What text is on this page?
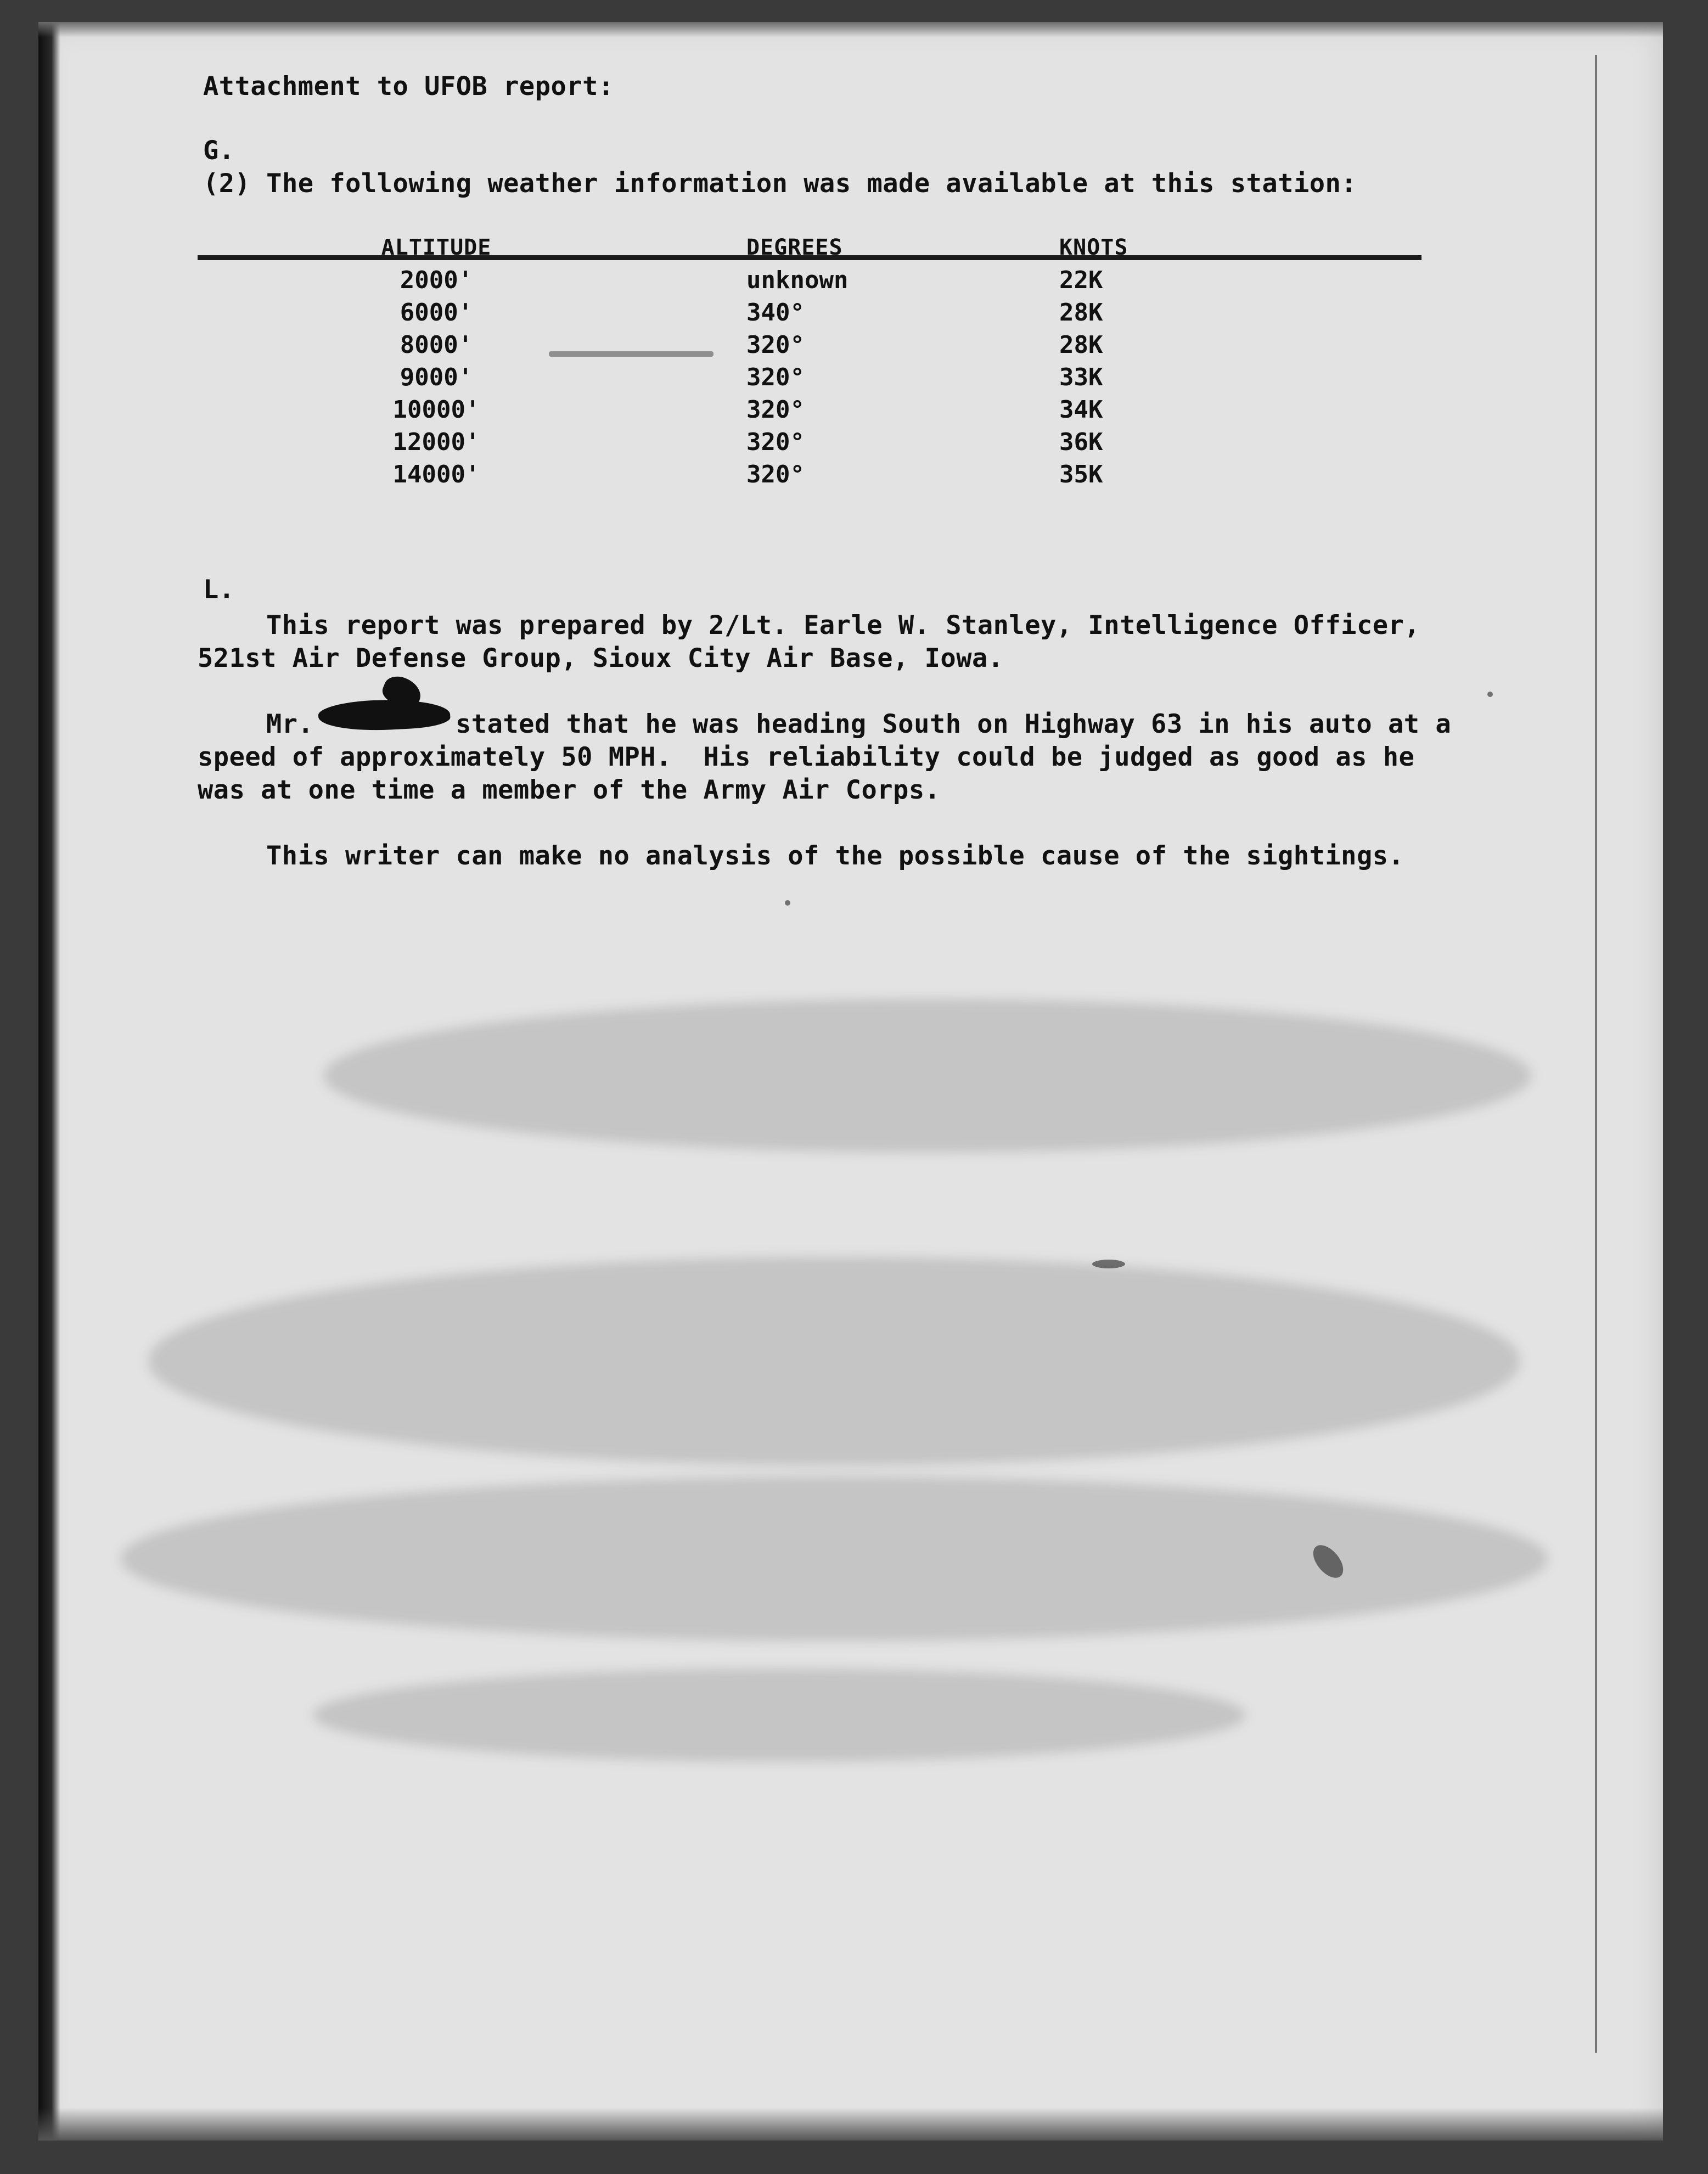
Attachment to UFOB report:
G.
(2) The following weather information was made available at this station:
ALTITUDE
2000'
6000'
8000'
9000'
10000'
12000'
14000'
DEGREES
unknown
340°
320°
320°
320°
320°
320°
KNOTS
22K
28K
28K
33K
34K
36K
35K
L.
This report was prepared by 2/Lt. Earle W. Stanley, Intelligence Officer,
521st Air Defense Group, Sioux City Air Base, Iowa.
Mr.	stated that he was heading South on Highway 63 in his auto at a
speed of approximately 50 MPH.  His reliability could be judged as good as he
was at one time a member of the Army Air Corps.
This writer can make no analysis of the possible cause of the sightings.
